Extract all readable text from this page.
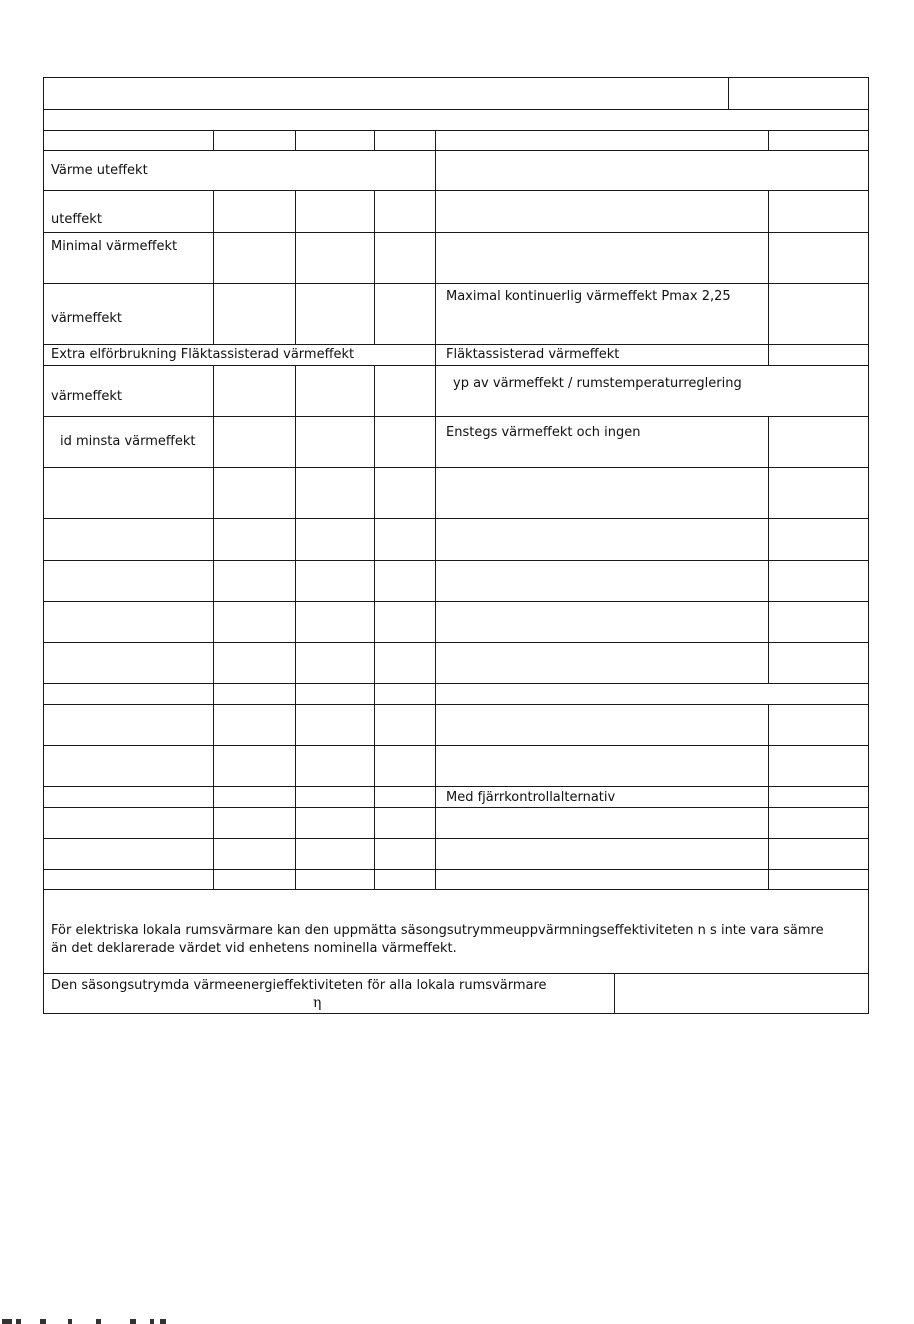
Värme uteffekt
uteffekt
Minimal värmeffekt
värmeffekt
Extra elförbrukning Fläktassisterad värmeffekt
värmeffekt
id minsta värmeffekt
Maximal kontinuerlig värmeffekt Pmax 2,25
Fläktassisterad värmeffekt
yp av värmeffekt / rumstemperaturreglering
Enstegs värmeffekt och ingen
Med fjärrkontrollalternativ
För elektriska lokala rumsvärmare kan den uppmätta säsongsutrymmeuppvärmningseffektiviteten n s inte vara sämre
än det deklarerade värdet vid enhetens nominella värmeffekt.
Den säsongsutrymda värmeenergieffektiviteten för alla lokala rumsvärmare
η
